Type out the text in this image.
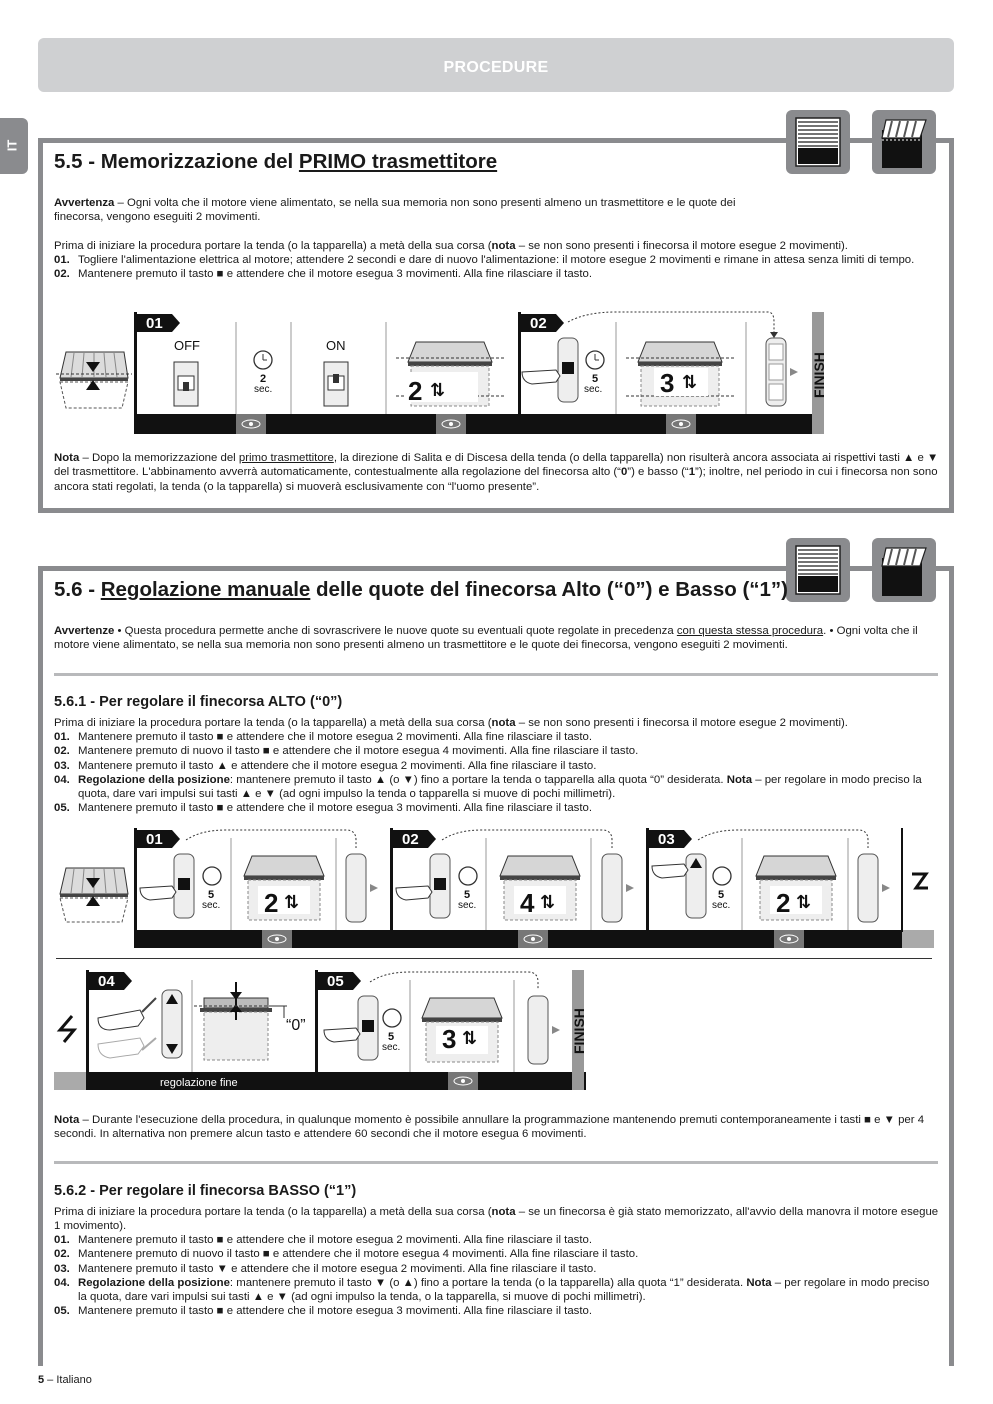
PROCEDURE
IT
5.5 - Memorizzazione del PRIMO trasmettitore
Avvertenza – Ogni volta che il motore viene alimentato, se nella sua memoria non sono presenti almeno un trasmettitore e le quote dei finecorsa, vengono eseguiti 2 movimenti.
Prima di iniziare la procedura portare la tenda (o la tapparella) a metà della sua corsa (nota – se non sono presenti i finecorsa il motore esegue 2 movimenti).
01. Togliere l'alimentazione elettrica al motore; attendere 2 secondi e dare di nuovo l'alimentazione: il motore esegue 2 movimenti e rimane in attesa senza limiti di tempo.
02. Mantenere premuto il tasto ■ e attendere che il motore esegua 3 movimenti. Alla fine rilasciare il tasto.
01	02
OFF	ON
2
sec.
5
sec.
2 ⇅	3 ⇅	FINISH
Nota – Dopo la memorizzazione del primo trasmettitore, la direzione di Salita e di Discesa della tenda (o della tapparella) non risulterà ancora associata ai rispettivi tasti ▲ e ▼ del trasmettitore. L'abbinamento avverrà automaticamente, contestualmente alla regolazione del finecorsa alto (“0”) e basso (“1”); inoltre, nel periodo in cui i finecorsa non sono ancora stati regolati, la tenda (o la tapparella) si muoverà esclusivamente con “l'uomo presente”.
5.6 - Regolazione manuale delle quote del finecorsa Alto (“0”) e Basso (“1”)
Avvertenze • Questa procedura permette anche di sovrascrivere le nuove quote su eventuali quote regolate in precedenza con questa stessa procedura. • Ogni volta che il motore viene alimentato, se nella sua memoria non sono presenti almeno un trasmettitore e le quote dei finecorsa, vengono eseguiti 2 movimenti.
5.6.1 - Per regolare il finecorsa ALTO (“0”)
Prima di iniziare la procedura portare la tenda (o la tapparella) a metà della sua corsa (nota – se non sono presenti i finecorsa il motore esegue 2 movimenti).
01. Mantenere premuto il tasto ■ e attendere che il motore esegua 2 movimenti. Alla fine rilasciare il tasto.
02. Mantenere premuto di nuovo il tasto ■ e attendere che il motore esegua 4 movimenti. Alla fine rilasciare il tasto.
03. Mantenere premuto il tasto ▲ e attendere che il motore esegua 2 movimenti. Alla fine rilasciare il tasto.
04. Regolazione della posizione: mantenere premuto il tasto ▲ (o ▼) fino a portare la tenda o tapparella alla quota “0” desiderata. Nota – per regolare in modo preciso la quota, dare vari impulsi sui tasti ▲ e ▼ (ad ogni impulso la tenda o tapparella si muove di pochi millimetri).
05. Mantenere premuto il tasto ■ e attendere che il motore esegua 3 movimenti. Alla fine rilasciare il tasto.
01	02	03
5
sec.
5
sec.
5
sec.
2 ⇅	4 ⇅	2 ⇅
04	05
“0”
5
sec. 3 ⇅
regolazione fine
FINISH
Nota – Durante l'esecuzione della procedura, in qualunque momento è possibile annullare la programmazione mantenendo premuti contemporaneamente i tasti ■ e ▼ per 4 secondi. In alternativa non premere alcun tasto e attendere 60 secondi che il motore esegua 6 movimenti.
5.6.2 - Per regolare il finecorsa BASSO (“1”)
Prima di iniziare la procedura portare la tenda (o la tapparella) a metà della sua corsa (nota – se un finecorsa è già stato memorizzato, all'avvio della manovra il motore esegue 1 movimento).
01. Mantenere premuto il tasto ■ e attendere che il motore esegua 2 movimenti. Alla fine rilasciare il tasto.
02. Mantenere premuto di nuovo il tasto ■ e attendere che il motore esegua 4 movimenti. Alla fine rilasciare il tasto.
03. Mantenere premuto il tasto ▼ e attendere che il motore esegua 2 movimenti. Alla fine rilasciare il tasto.
04. Regolazione della posizione: mantenere premuto il tasto ▼ (o ▲) fino a portare la tenda (o la tapparella) alla quota “1” desiderata. Nota – per regolare in modo preciso la quota, dare vari impulsi sui tasti ▲ e ▼ (ad ogni impulso la tenda, o la tapparella, si muove di pochi millimetri).
05. Mantenere premuto il tasto ■ e attendere che il motore esegua 3 movimenti. Alla fine rilasciare il tasto.
5 – Italiano
